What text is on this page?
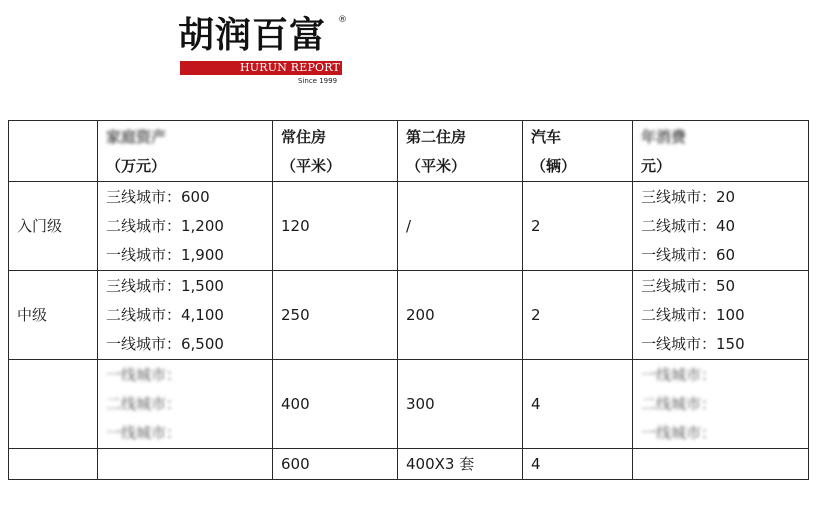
胡润百富 ®
HURUN REPORT
Since 1999

	家庭资产
（万元）	常住房
（平米）	第二住房
（平米）	汽车
（辆）	年消费
元）

入门级	三线城市：600
二线城市：1,200
一线城市：1,900	120	/	2	三线城市：20
二线城市：40
一线城市：60

中级	三线城市：1,500
二线城市：4,100
一线城市：6,500	250	200	2	三线城市：50
二线城市：100
一线城市：150

	一线城市：
二线城市：
一线城市：	400	300	4	一线城市：
二线城市：
一线城市：

	600	400X3 套	4	
